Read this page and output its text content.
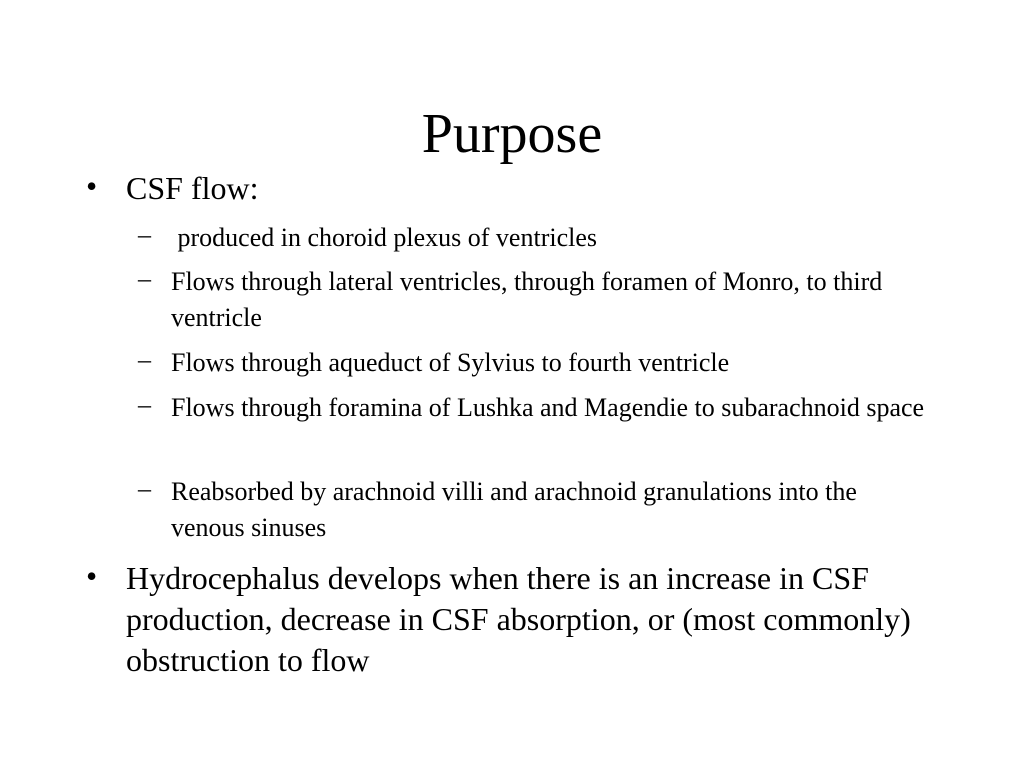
Purpose
• CSF flow:
– produced in choroid plexus of ventricles
– Flows through lateral ventricles, through foramen of Monro, to third ventricle
– Flows through aqueduct of Sylvius to fourth ventricle
– Flows through foramina of Lushka and Magendie to subarachnoid space
– Reabsorbed by arachnoid villi and arachnoid granulations into the venous sinuses
• Hydrocephalus develops when there is an increase in CSF production, decrease in CSF absorption, or (most commonly) obstruction to flow
